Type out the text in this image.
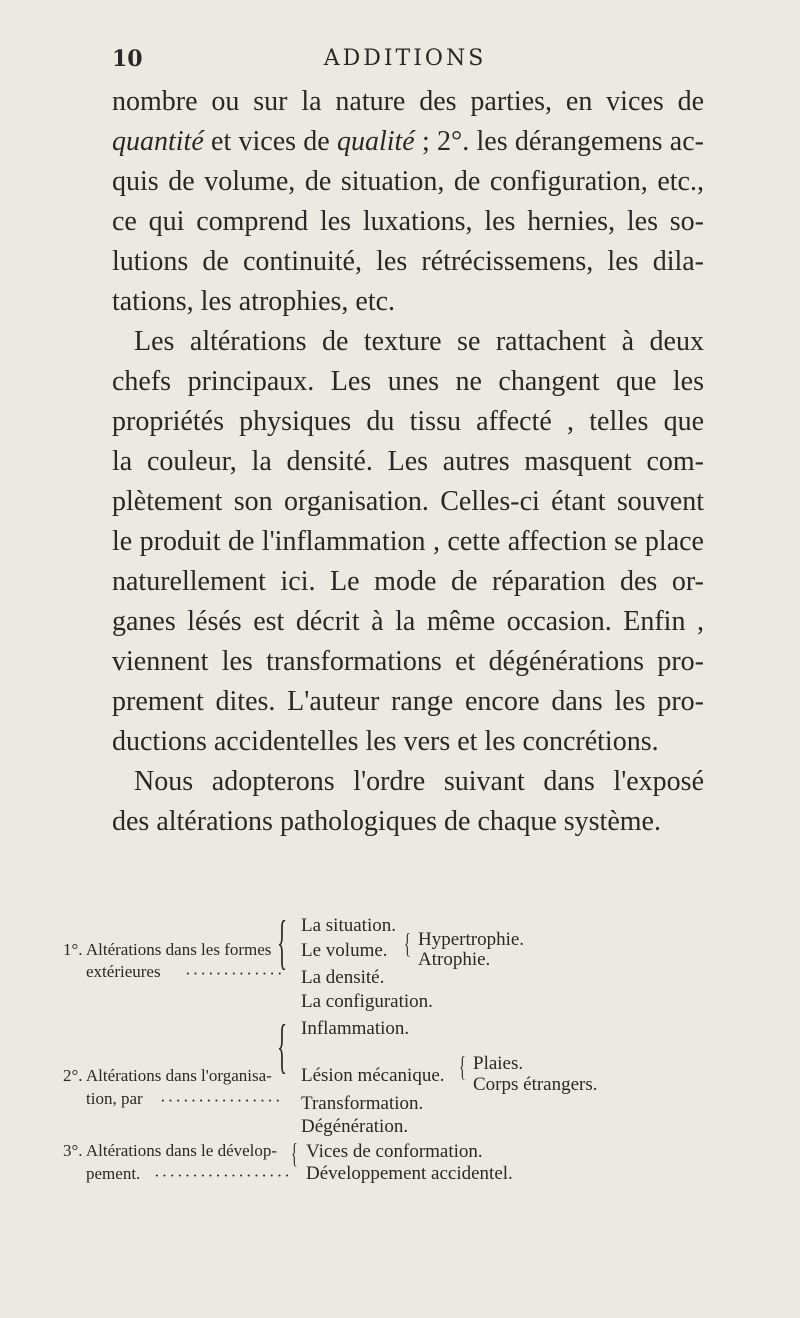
10	ADDITIONS
nombre ou sur la nature des parties, en vices de
quantité et vices de qualité ; 2°. les dérangemens ac-
quis de volume, de situation, de configuration, etc.,
ce qui comprend les luxations, les hernies, les so-
lutions de continuité, les rétrécissemens, les dila-
tations, les atrophies, etc.
Les altérations de texture se rattachent à deux
chefs principaux. Les unes ne changent que les
propriétés physiques du tissu affecté , telles que
la couleur, la densité. Les autres masquent com-
plètement son organisation. Celles-ci étant souvent
le produit de l'inflammation , cette affection se place
naturellement ici. Le mode de réparation des or-
ganes lésés est décrit à la même occasion. Enfin ,
viennent les transformations et dégénérations pro-
prement dites. L'auteur range encore dans les pro-
ductions accidentelles les vers et les concrétions.
Nous adopterons l'ordre suivant dans l'exposé
des altérations pathologiques de chaque système.
1°. Altérations dans les formes
extérieures ·············
{ La situation.
Le volume. { Hypertrophie.
Atrophie.
La densité.
La configuration.
2°. Altérations dans l'organisa-
tion, par ················
{ Inflammation.
Lésion mécanique. { Plaies.
Corps étrangers.
Transformation.
Dégénération.
3°. Altérations dans le dévelop-
pement. ··················
{ Vices de conformation.
Développement accidentel.
